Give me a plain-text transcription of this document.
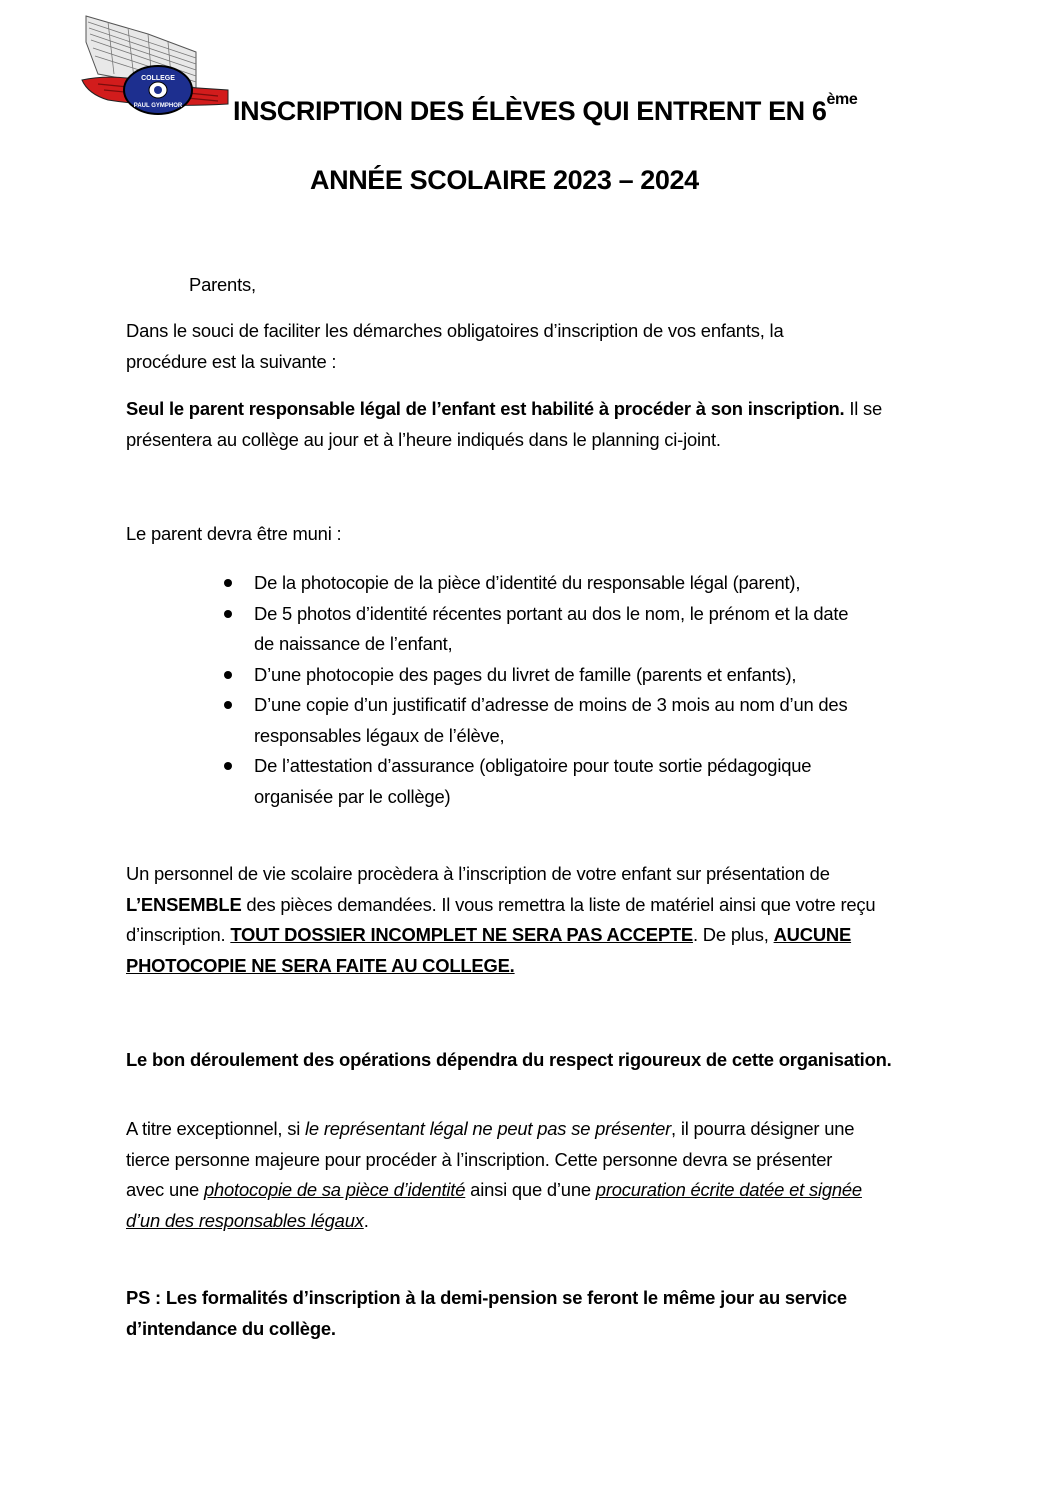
COLLEGE
PAUL GYMPHOR INSCRIPTION DES ÉLÈVES QUI ENTRENT EN 6ème
ANNÉE SCOLAIRE 2023 – 2024
Parents,
Dans le souci de faciliter les démarches obligatoires d’inscription de vos enfants, la
procédure est la suivante :
Seul le parent responsable légal de l’enfant est habilité à procéder à son inscription. Il se
présentera au collège au jour et à l’heure indiqués dans le planning ci-joint.
Le parent devra être muni :
De la photocopie de la pièce d’identité du responsable légal (parent),
De 5 photos d’identité récentes portant au dos le nom, le prénom et la date
de naissance de l’enfant,
D’une photocopie des pages du livret de famille (parents et enfants),
D’une copie d’un justificatif d’adresse de moins de 3 mois au nom d’un des
responsables légaux de l’élève,
De l’attestation d’assurance (obligatoire pour toute sortie pédagogique
organisée par le collège)
Un personnel de vie scolaire procèdera à l’inscription de votre enfant sur présentation de
L’ENSEMBLE des pièces demandées. Il vous remettra la liste de matériel ainsi que votre reçu
d’inscription. TOUT DOSSIER INCOMPLET NE SERA PAS ACCEPTE. De plus, AUCUNE
PHOTOCOPIE NE SERA FAITE AU COLLEGE.
Le bon déroulement des opérations dépendra du respect rigoureux de cette organisation.
A titre exceptionnel, si le représentant légal ne peut pas se présenter, il pourra désigner une
tierce personne majeure pour procéder à l’inscription. Cette personne devra se présenter
avec une photocopie de sa pièce d’identité ainsi que d’une procuration écrite datée et signée
d’un des responsables légaux.
PS : Les formalités d’inscription à la demi-pension se feront le même jour au service
d’intendance du collège.
